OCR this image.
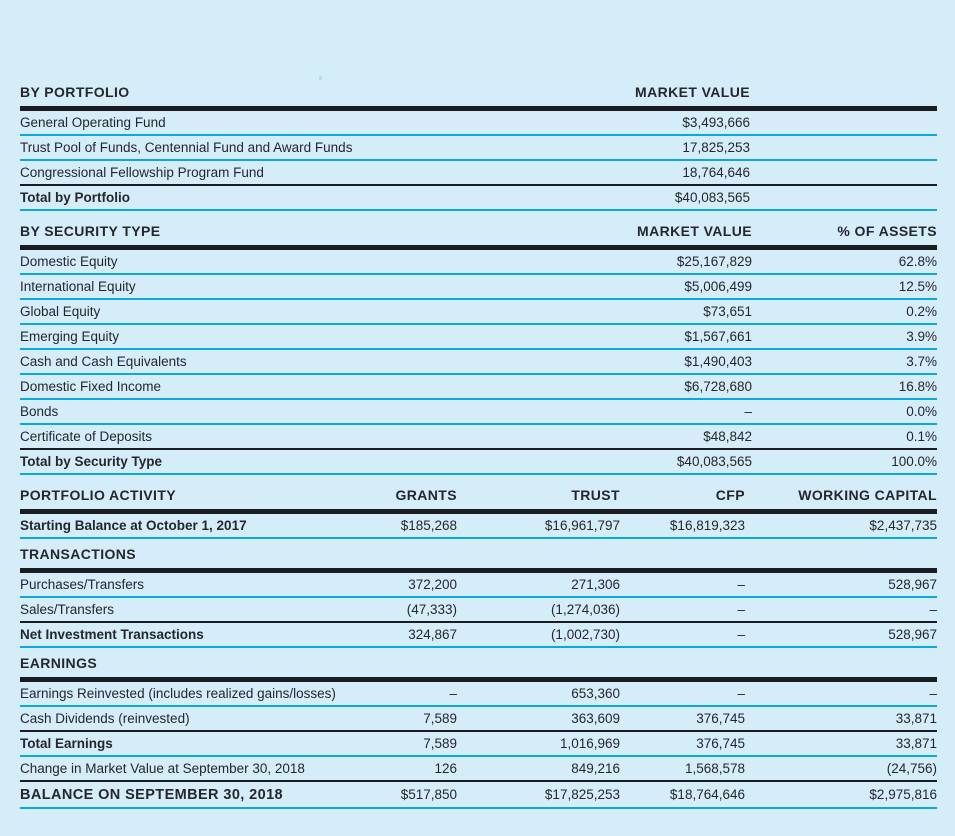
BY PORTFOLIO	MARKET VALUE
General Operating Fund	$3,493,666
Trust Pool of Funds, Centennial Fund and Award Funds	17,825,253
Congressional Fellowship Program Fund	18,764,646
Total by Portfolio	$40,083,565
BY SECURITY TYPE	MARKET VALUE	% OF ASSETS
Domestic Equity	$25,167,829	62.8%
International Equity	$5,006,499	12.5%
Global Equity	$73,651	0.2%
Emerging Equity	$1,567,661	3.9%
Cash and Cash Equivalents	$1,490,403	3.7%
Domestic Fixed Income	$6,728,680	16.8%
Bonds	–	0.0%
Certificate of Deposits	$48,842	0.1%
Total by Security Type	$40,083,565	100.0%
PORTFOLIO ACTIVITY	GRANTS	TRUST	CFP	WORKING CAPITAL
Starting Balance at October 1, 2017	$185,268	$16,961,797	$16,819,323	$2,437,735
TRANSACTIONS
Purchases/Transfers	372,200	271,306	–	528,967
Sales/Transfers	(47,333)	(1,274,036)	–	–
Net Investment Transactions	324,867	(1,002,730)	–	528,967
EARNINGS
Earnings Reinvested (includes realized gains/losses)	–	653,360	–	–
Cash Dividends (reinvested)	7,589	363,609	376,745	33,871
Total Earnings	7,589	1,016,969	376,745	33,871
Change in Market Value at September 30, 2018	126	849,216	1,568,578	(24,756)
BALANCE ON SEPTEMBER 30, 2018	$517,850	$17,825,253	$18,764,646	$2,975,816
